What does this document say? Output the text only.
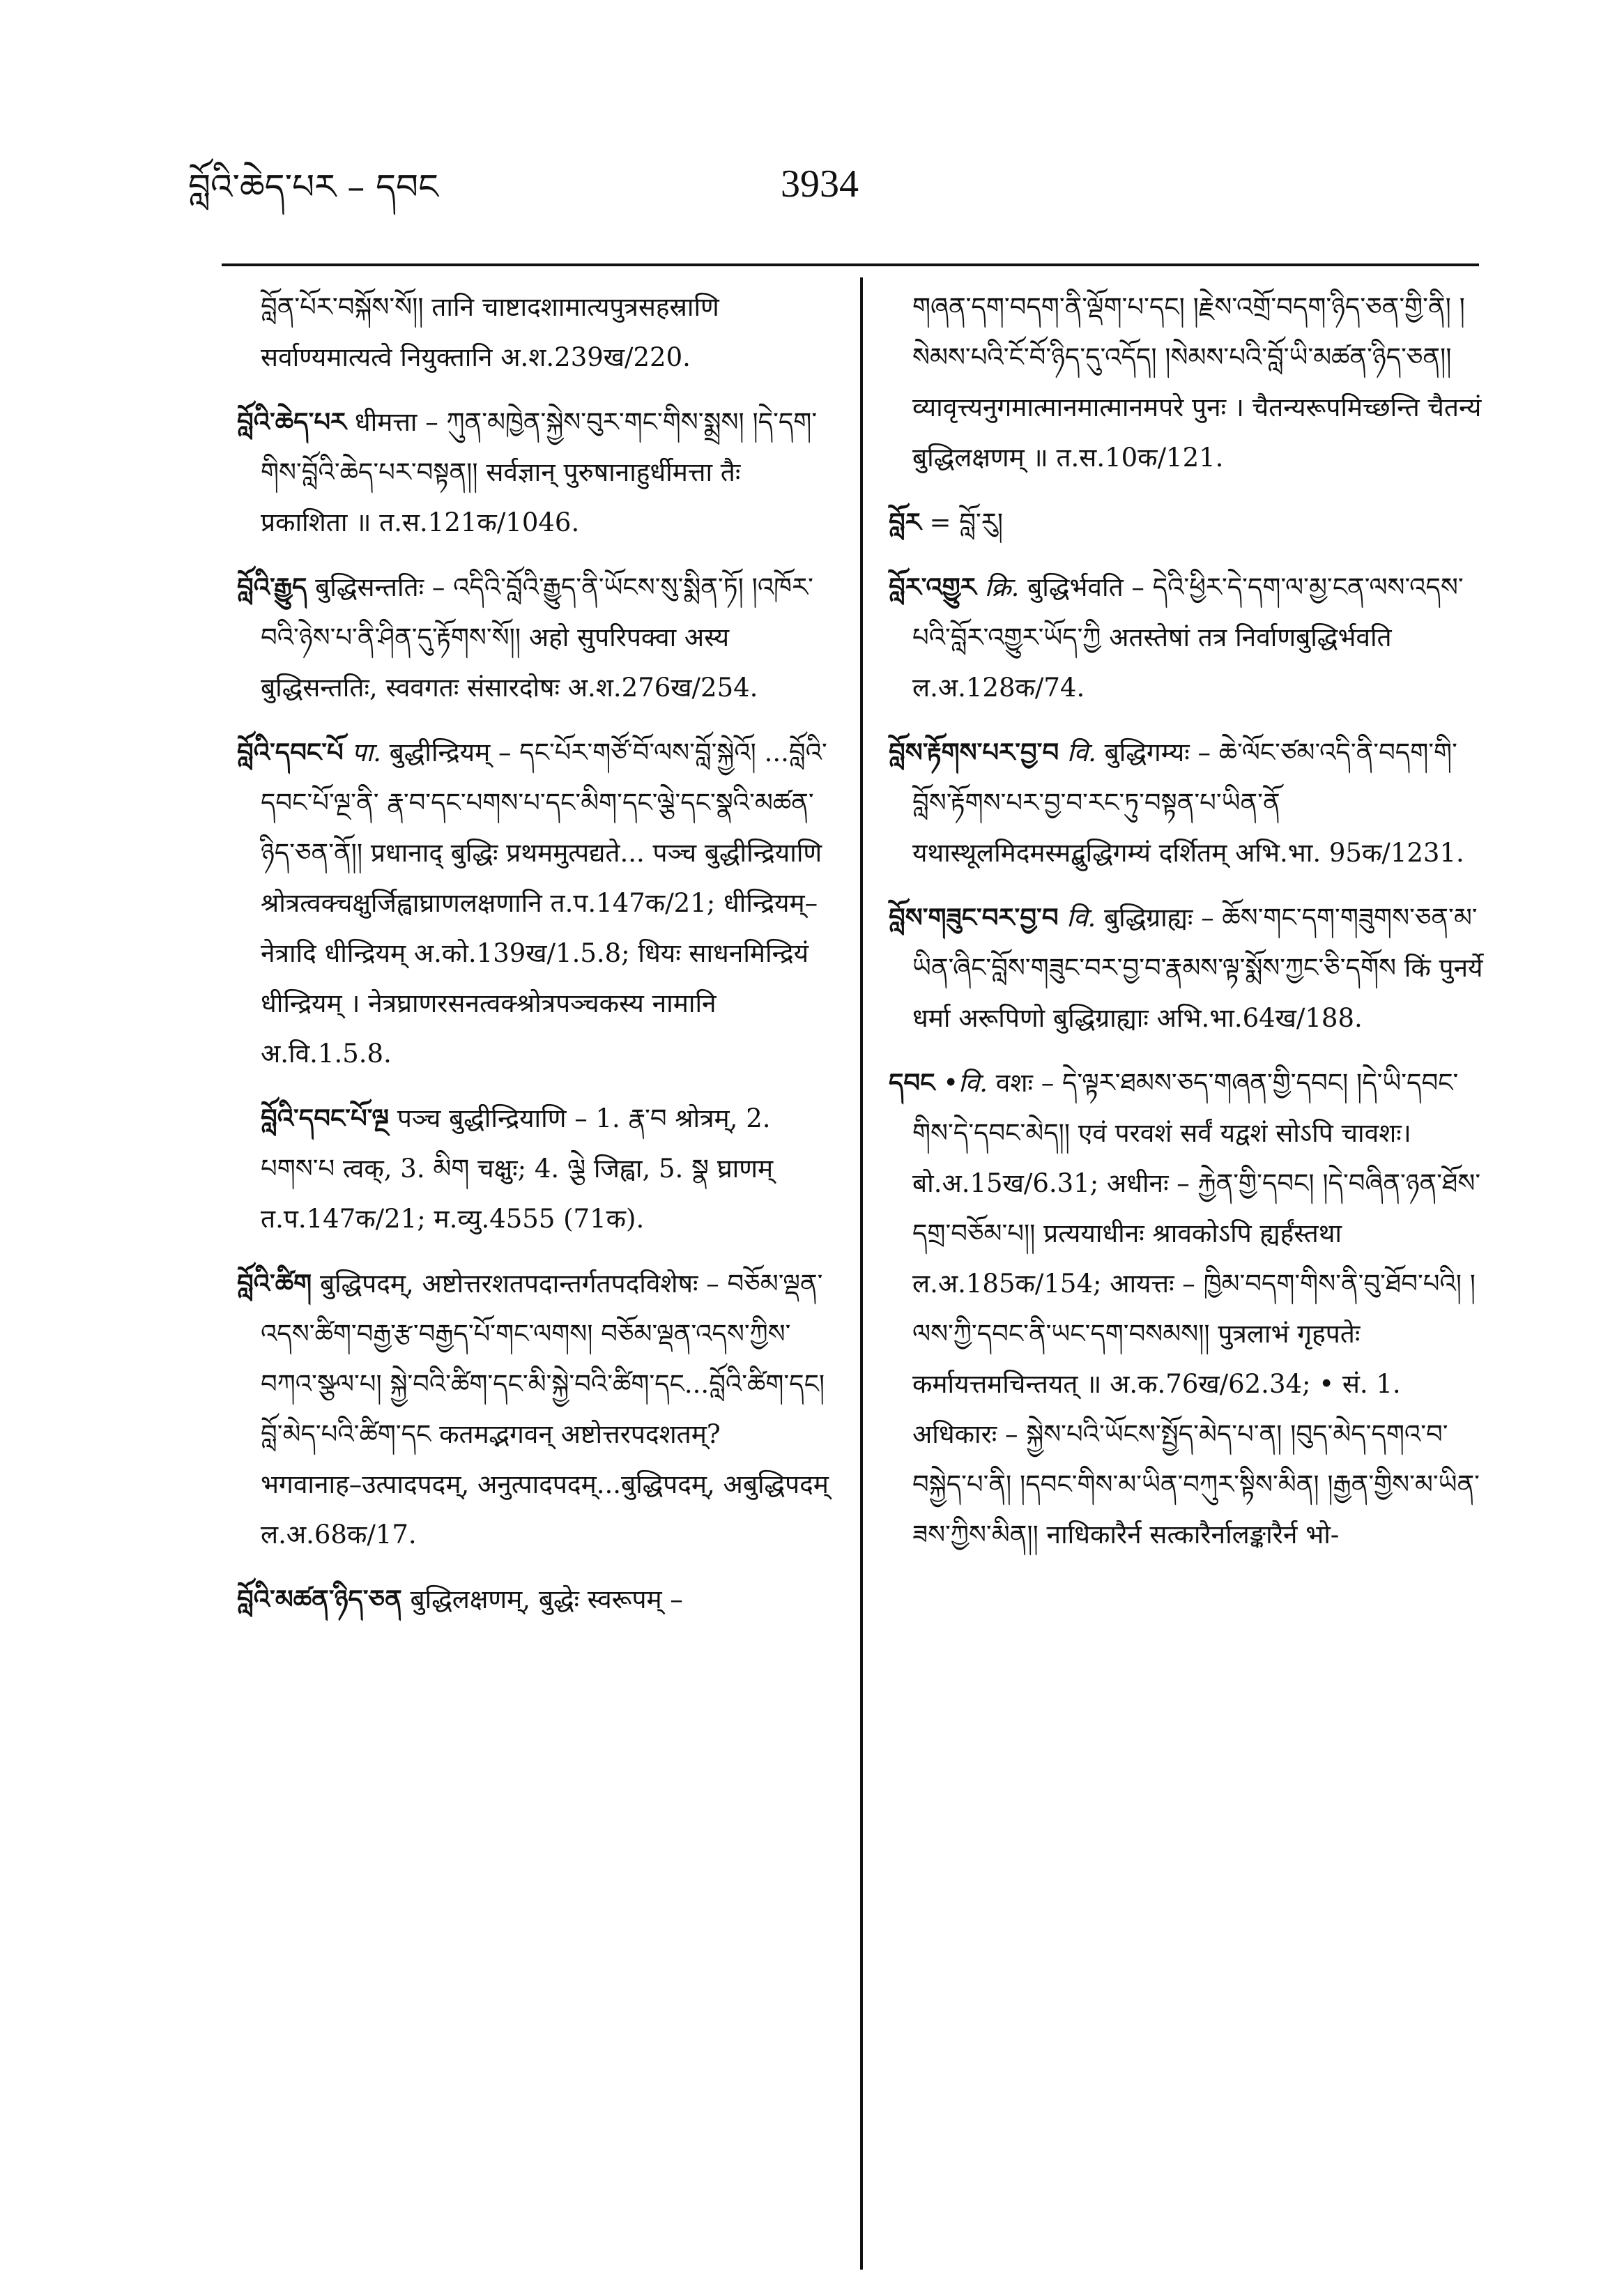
བློའི་ཆེད་པར – དབང	3934

བློན་པོར་བསྐོས་སོ།། तानि चाष्टादशामात्यपुत्रसहस्राणि सर्वाण्यमात्यत्वे नियुक्तानि अ.श.239ख/220.

བློའི་ཆེད་པར धीमत्ता – ཀུན་མཁྱེན་སྐྱེས་བུར་གང་གིས་སྨྲས། །དེ་དག་གིས་བློའི་ཆེད་པར་བསྟན།། सर्वज्ञान् पुरुषानाहुर्धीमत्ता तैः प्रकाशिता ॥ त.स.121क/1046.

བློའི་རྒྱུད बुद्धिसन्ततिः – འདིའི་བློའི་རྒྱུད་ནི་ཡོངས་སུ་སྨིན་ཏོ། །འཁོར་བའི་ཉེས་པ་ནི་ཤིན་དུ་རྟོགས་སོ།། अहो सुपरिपक्वा अस्य बुद्धिसन्ततिः, स्ववगतः संसारदोषः अ.श.276ख/254.

བློའི་དབང་པོ पा. बुद्धीन्द्रियम् – དང་པོར་གཙོ་བོ་ལས་བློ་སྐྱེའོ། ...བློའི་དབང་པོ་ལྔ་ནི་ རྣ་བ་དང་པགས་པ་དང་མིག་དང་ལྕེ་དང་སྣའི་མཚན་ཉིད་ཅན་ནོ།། प्रधानाद् बुद्धिः प्रथममुत्पद्यते... पञ्च बुद्धीन्द्रियाणि श्रोत्रत्वक्चक्षुर्जिह्वाघ्राणलक्षणानि त.प.147क/21; धीन्द्रियम्–नेत्रादि धीन्द्रियम् अ.को.139ख/1.5.8; धियः साधनमिन्द्रियं धीन्द्रियम् । नेत्रघ्राणरसनत्वक्श्रोत्रपञ्चकस्य नामानि अ.वि.1.5.8.

བློའི་དབང་པོ་ལྔ पञ्च बुद्धीन्द्रियाणि – 1. རྣ་བ श्रोत्रम्, 2. པགས་པ त्वक्, 3. མིག चक्षुः; 4. ལྕེ जिह्वा, 5. སྣ घ्राणम् त.प.147क/21; म.व्यु.4555 (71क).

བློའི་ཚིག बुद्धिपदम्, अष्टोत्तरशतपदान्तर्गतपदविशेषः – བཅོམ་ལྡན་འདས་ཚིག་བརྒྱ་རྩ་བརྒྱད་པོ་གང་ལགས། བཅོམ་ལྡན་འདས་ཀྱིས་བཀའ་སྩལ་པ། སྐྱེ་བའི་ཚིག་དང་མི་སྐྱེ་བའི་ཚིག་དང...བློའི་ཚིག་དང། བློ་མེད་པའི་ཚིག་དང कतमद्भगवन् अष्टोत्तरपदशतम्? भगवानाह–उत्पादपदम्, अनुत्पादपदम्...बुद्धिपदम्, अबुद्धिपदम् ल.अ.68क/17.

བློའི་མཚན་ཉིད་ཅན बुद्धिलक्षणम्, बुद्धेः स्वरूपम् –

གཞན་དག་བདག་ནི་ལྡོག་པ་དང། །རྗེས་འགྲོ་བདག་ཉིད་ཅན་གྱི་ནི། །སེམས་པའི་ངོ་བོ་ཉིད་དུ་འདོད། །སེམས་པའི་བློ་ཡི་མཚན་ཉིད་ཅན།། व्यावृत्त्यनुगमात्मानमात्मानमपरे पुनः । चैतन्यरूपमिच्छन्ति चैतन्यं बुद्धिलक्षणम् ॥ त.स.10क/121.

བློར = བློ་རུ།

བློར་འགྱུར क्रि. बुद्धिर्भवति – དེའི་ཕྱིར་དེ་དག་ལ་མྱ་ངན་ལས་འདས་པའི་བློར་འགྱུར་ཡོད་ཀྱི अतस्तेषां तत्र निर्वाणबुद्धिर्भवति ल.अ.128क/74.

བློས་རྟོགས་པར་བྱ་བ वि. बुद्धिगम्यः – ཆེ་ལོང་ཙམ་འདི་ནི་བདག་གི་བློས་རྟོགས་པར་བྱ་བ་རང་ཏུ་བསྟན་པ་ཡིན་ནོ यथास्थूलमिदमस्मद्बुद्धिगम्यं दर्शितम् अभि.भा. 95क/1231.

བློས་གཟུང་བར་བྱ་བ वि. बुद्धिग्राह्यः – ཆོས་གང་དག་གཟུགས་ཅན་མ་ཡིན་ཞིང་བློས་གཟུང་བར་བྱ་བ་རྣམས་ལྟ་སྨོས་ཀྱང་ཅི་དགོས किं पुनर्ये धर्मा अरूपिणो बुद्धिग्राह्याः अभि.भा.64ख/188.

དབང •वि. वशः – དེ་ལྟར་ཐམས་ཅད་གཞན་གྱི་དབང། །དེ་ཡི་དབང་གིས་དེ་དབང་མེད།། एवं परवशं सर्वं यद्वशं सोऽपि चावशः। बो.अ.15ख/6.31; अधीनः – རྐྱེན་གྱི་དབང། །དེ་བཞིན་ཉན་ཐོས་དགྲ་བཅོམ་པ།། प्रत्ययाधीनः श्रावकोऽपि ह्यर्हंस्तथा ल.अ.185क/154; आयत्तः – ཁྱིམ་བདག་གིས་ནི་བུ་ཐོབ་པའི། །ལས་ཀྱི་དབང་ནི་ཡང་དག་བསམས།། पुत्रलाभं गृहपतेः कर्मायत्तमचिन्तयत् ॥ अ.क.76ख/62.34; • सं. 1. अधिकारः – སྐྱེས་པའི་ཡོངས་སྤྱོད་མེད་པ་ན། །བུད་མེད་དགའ་བ་བསྐྱེད་པ་ནི། །དབང་གིས་མ་ཡིན་བཀུར་སྟིས་མིན། །རྒྱན་གྱིས་མ་ཡིན་ཟས་ཀྱིས་མིན།། नाधिकारैर्न सत्कारैर्नालङ्कारैर्न भो-
